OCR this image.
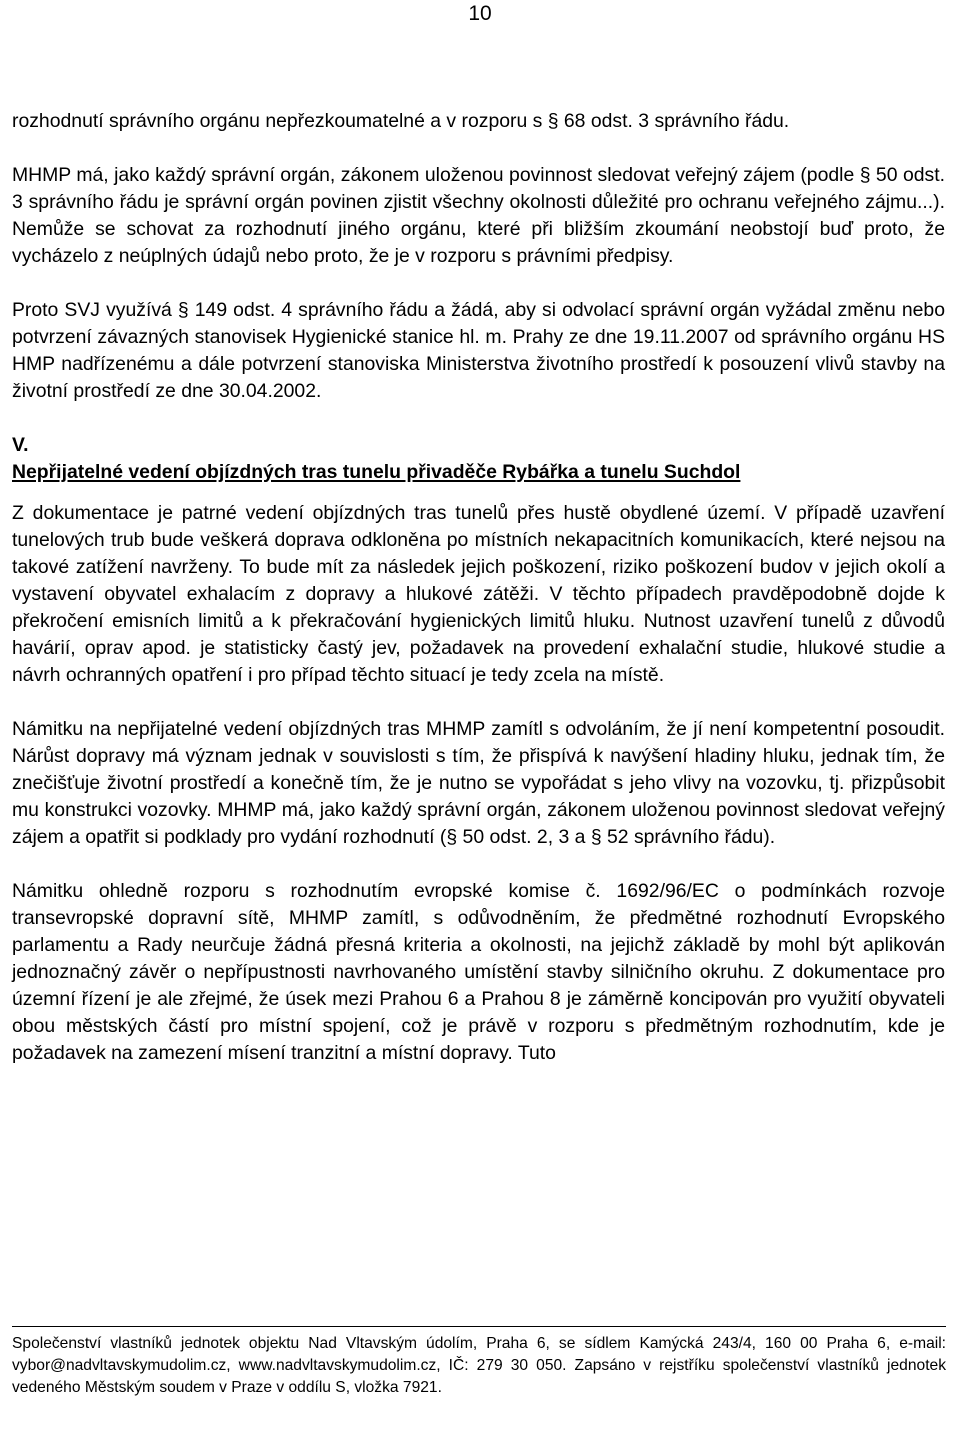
10

rozhodnutí správního orgánu nepřezkoumatelné a v rozporu s § 68 odst. 3 správního řádu.

MHMP má, jako každý správní orgán, zákonem uloženou povinnost sledovat veřejný zájem (podle § 50 odst. 3 správního řádu je správní orgán povinen zjistit všechny okolnosti důležité pro ochranu veřejného zájmu...). Nemůže se schovat za rozhodnutí jiného orgánu, které při bližším zkoumání neobstojí buď proto, že vycházelo z neúplných údajů nebo proto, že je v rozporu s právními předpisy.

Proto SVJ využívá § 149 odst. 4 správního řádu a žádá, aby si odvolací správní orgán vyžádal změnu nebo potvrzení závazných stanovisek Hygienické stanice hl. m. Prahy ze dne 19.11.2007 od správního orgánu HS HMP nadřízenému a dále potvrzení stanoviska Ministerstva životního prostředí k posouzení vlivů stavby na životní prostředí ze dne 30.04.2002.

V.

Nepřijatelné vedení objízdných tras tunelu přivaděče Rybářka a tunelu Suchdol

Z dokumentace je patrné vedení objízdných tras tunelů přes hustě obydlené území. V případě uzavření tunelových trub bude veškerá doprava odkloněna po místních nekapacitních komunikacích, které nejsou na takové zatížení navrženy. To bude mít za následek jejich poškození, riziko poškození budov v jejich okolí a vystavení obyvatel exhalacím z dopravy a hlukové zátěži. V těchto případech pravděpodobně dojde k překročení emisních limitů a k překračování hygienických limitů hluku. Nutnost uzavření tunelů z důvodů havárií, oprav apod. je statisticky častý jev, požadavek na provedení exhalační studie, hlukové studie a návrh ochranných opatření i pro případ těchto situací je tedy zcela na místě.

Námitku na nepřijatelné vedení objízdných tras MHMP zamítl s odvoláním, že jí není kompetentní posoudit. Nárůst dopravy má význam jednak v souvislosti s tím, že přispívá k navýšení hladiny hluku, jednak tím, že znečišťuje životní prostředí a konečně tím, že je nutno se vypořádat s jeho vlivy na vozovku, tj. přizpůsobit mu konstrukci vozovky. MHMP má, jako každý správní orgán, zákonem uloženou povinnost sledovat veřejný zájem a opatřit si podklady pro vydání rozhodnutí (§ 50 odst. 2, 3 a § 52 správního řádu).

Námitku ohledně rozporu s rozhodnutím evropské komise č. 1692/96/EC o podmínkách rozvoje transevropské dopravní sítě, MHMP zamítl, s odůvodněním, že předmětné rozhodnutí Evropského parlamentu a Rady neurčuje žádná přesná kriteria a okolnosti, na jejichž základě by mohl být aplikován jednoznačný závěr o nepřípustnosti navrhovaného umístění stavby silničního okruhu. Z dokumentace pro územní řízení je ale zřejmé, že úsek mezi Prahou 6 a Prahou 8 je záměrně koncipován pro využití obyvateli obou městských částí pro místní spojení, což je právě v rozporu s předmětným rozhodnutím, kde je požadavek na zamezení mísení tranzitní a místní dopravy. Tuto

Společenství vlastníků jednotek objektu Nad Vltavským údolím, Praha 6, se sídlem Kamýcká 243/4, 160 00 Praha 6, e-mail: vybor@nadvltavskymudolim.cz, www.nadvltavskymudolim.cz, IČ: 279 30 050. Zapsáno v rejstříku společenství vlastníků jednotek vedeného Městským soudem v Praze v oddílu S, vložka 7921.
